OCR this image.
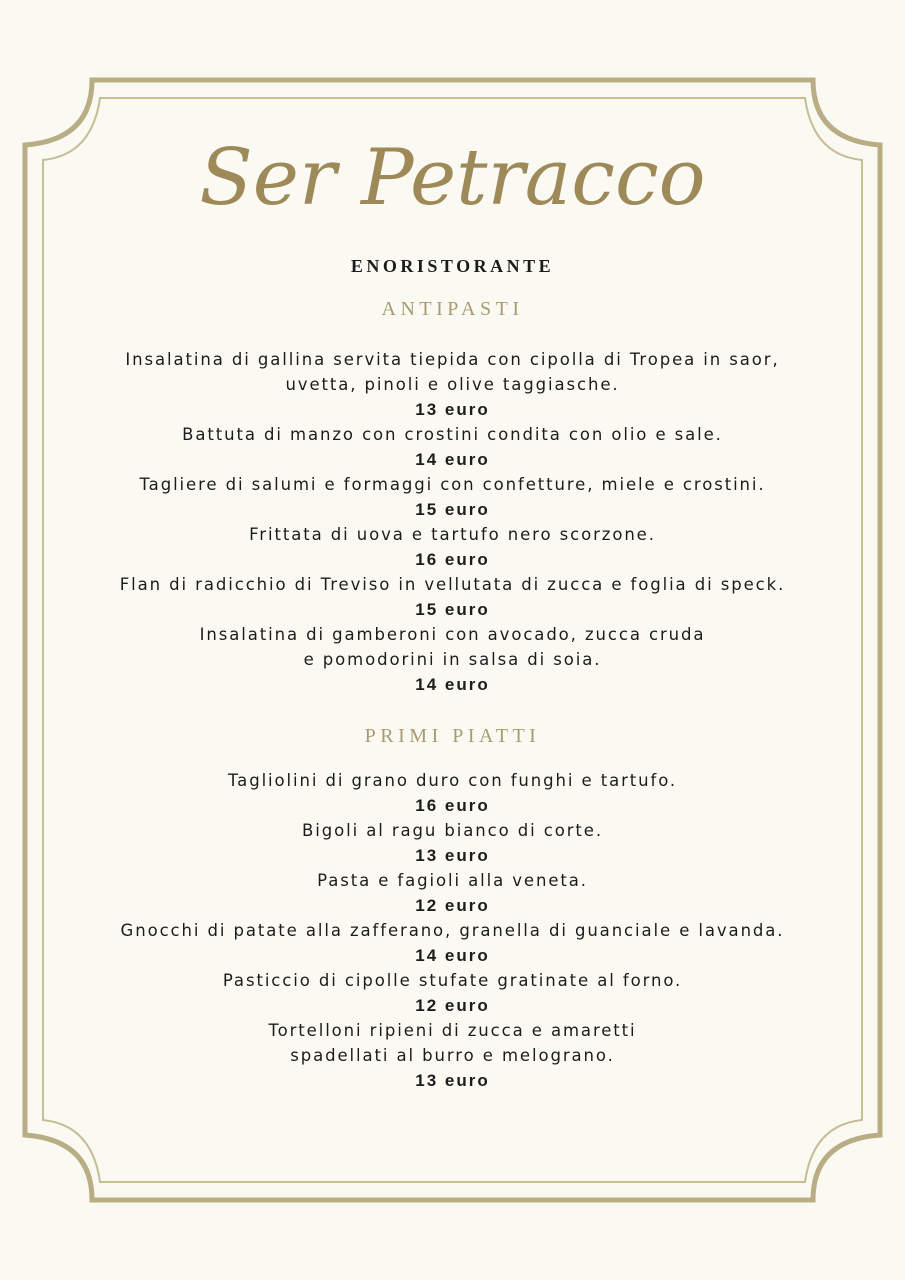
Ser Petracco
ENORISTORANTE
ANTIPASTI
Insalatina di gallina servita tiepida con cipolla di Tropea in saor,
uvetta, pinoli e olive taggiasche.
13 euro
Battuta di manzo con crostini condita con olio e sale.
14 euro
Tagliere di salumi e formaggi con confetture, miele e crostini.
15 euro
Frittata di uova e tartufo nero scorzone.
16 euro
Flan di radicchio di Treviso in vellutata di zucca e foglia di speck.
15 euro
Insalatina di gamberoni con avocado, zucca cruda
e pomodorini in salsa di soia.
14 euro
PRIMI PIATTI
Tagliolini di grano duro con funghi e tartufo.
16 euro
Bigoli al ragu bianco di corte.
13 euro
Pasta e fagioli alla veneta.
12 euro
Gnocchi di patate alla zafferano, granella di guanciale e lavanda.
14 euro
Pasticcio di cipolle stufate gratinate al forno.
12 euro
Tortelloni ripieni di zucca e amaretti
spadellati al burro e melograno.
13 euro
